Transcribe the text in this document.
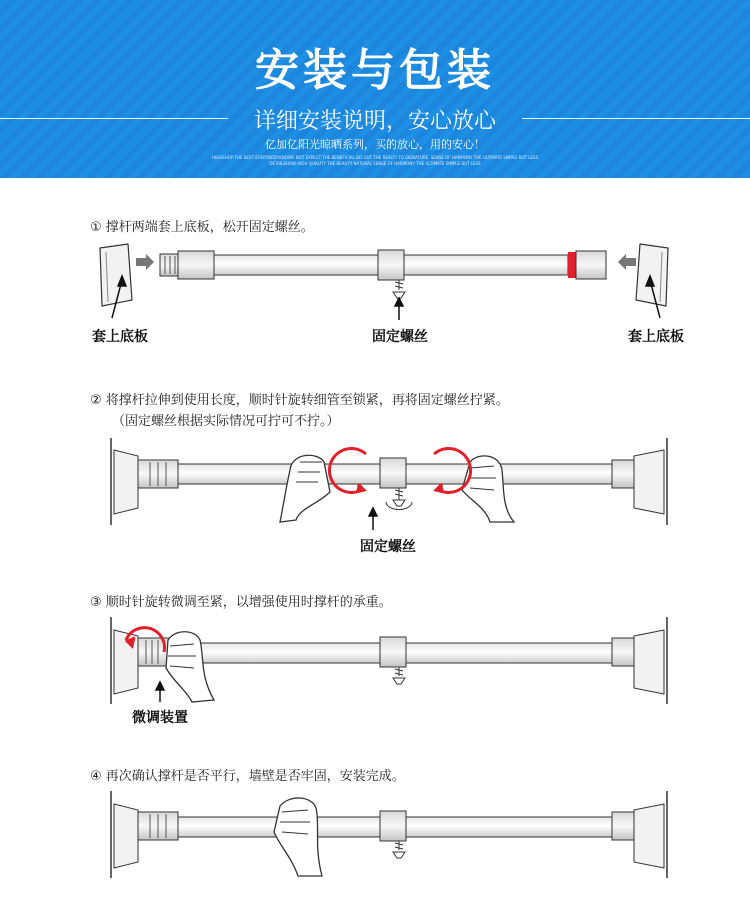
安装与包装
详细安装说明，安心放心
亿加亿阳光晾晒系列，买的放心，用的安心！
HIGHSHOP THE BEST EVERYBODYKNOWS NOT EXPECT THE BENEFICIAL DO OUT THE REALTY TO SIGNATURE. SENSE OF HARMONY THE ULTIMATE SIMPLE BUT LESS
DETAILSHOW HIGH QUALITY THE BEAUTY NATURAL SENSE OF HARMONY THE ULTIMATE SIMPLE BUT LESS
① 撑杆两端套上底板，松开固定螺丝。
② 将撑杆拉伸到使用长度，顺时针旋转细管至锁紧，再将固定螺丝拧紧。
（固定螺丝根据实际情况可拧可不拧。）
③ 顺时针旋转微调至紧，以增强使用时撑杆的承重。
④ 再次确认撑杆是否平行，墙壁是否牢固，安装完成。
套上底板	固定螺丝	套上底板
固定螺丝
微调装置
